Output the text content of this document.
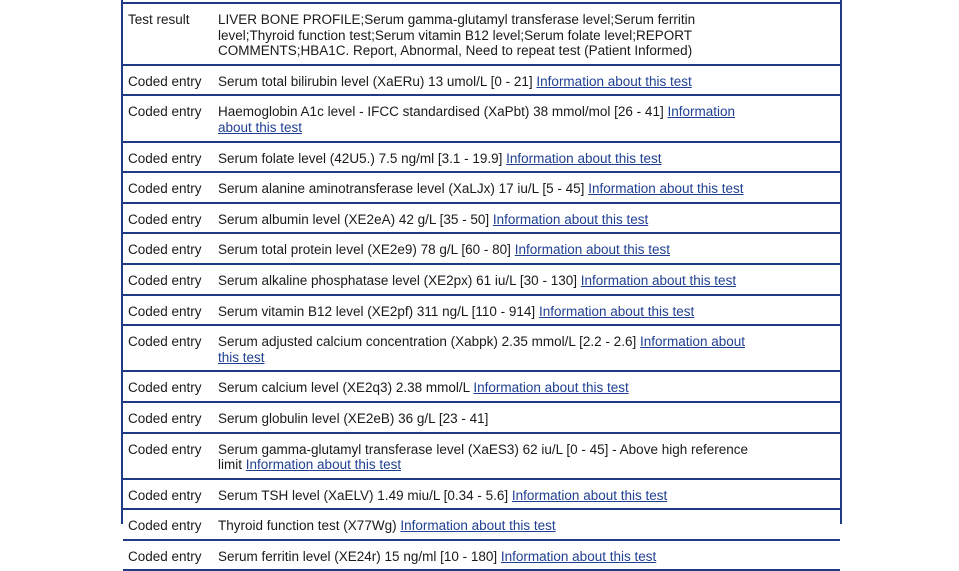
Test result	LIVER BONE PROFILE;Serum gamma-glutamyl transferase level;Serum ferritin level;Thyroid function test;Serum vitamin B12 level;Serum folate level;REPORT COMMENTS;HBA1C. Report, Abnormal, Need to repeat test (Patient Informed)
Coded entry	Serum total bilirubin level (XaERu) 13 umol/L [0 - 21] Information about this test
Coded entry	Haemoglobin A1c level - IFCC standardised (XaPbt) 38 mmol/mol [26 - 41] Information about this test
Coded entry	Serum folate level (42U5.) 7.5 ng/ml [3.1 - 19.9] Information about this test
Coded entry	Serum alanine aminotransferase level (XaLJx) 17 iu/L [5 - 45] Information about this test
Coded entry	Serum albumin level (XE2eA) 42 g/L [35 - 50] Information about this test
Coded entry	Serum total protein level (XE2e9) 78 g/L [60 - 80] Information about this test
Coded entry	Serum alkaline phosphatase level (XE2px) 61 iu/L [30 - 130] Information about this test
Coded entry	Serum vitamin B12 level (XE2pf) 311 ng/L [110 - 914] Information about this test
Coded entry	Serum adjusted calcium concentration (Xabpk) 2.35 mmol/L [2.2 - 2.6] Information about this test
Coded entry	Serum calcium level (XE2q3) 2.38 mmol/L Information about this test
Coded entry	Serum globulin level (XE2eB) 36 g/L [23 - 41]
Coded entry	Serum gamma-glutamyl transferase level (XaES3) 62 iu/L [0 - 45] - Above high reference limit Information about this test
Coded entry	Serum TSH level (XaELV) 1.49 miu/L [0.34 - 5.6] Information about this test
Coded entry	Thyroid function test (X77Wg) Information about this test
Coded entry	Serum ferritin level (XE24r) 15 ng/ml [10 - 180] Information about this test
